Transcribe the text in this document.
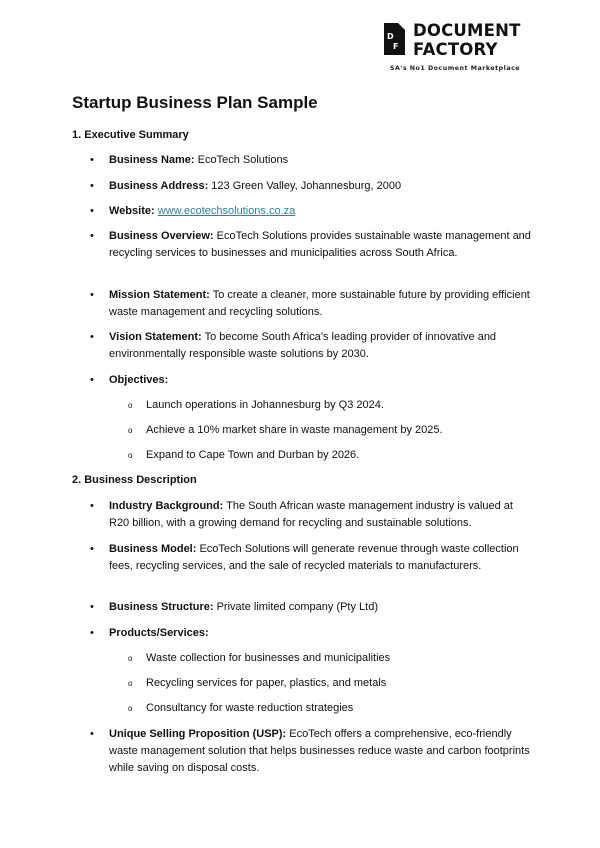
D
F
DOCUMENT
FACTORY
SA's No1 Document Marketplace
Startup Business Plan Sample
1. Executive Summary
• Business Name: EcoTech Solutions
• Business Address: 123 Green Valley, Johannesburg, 2000
• Website: www.ecotechsolutions.co.za
• Business Overview: EcoTech Solutions provides sustainable waste management and recycling services to businesses and municipalities across South Africa.
• Mission Statement: To create a cleaner, more sustainable future by providing efficient waste management and recycling solutions.
• Vision Statement: To become South Africa’s leading provider of innovative and environmentally responsible waste solutions by 2030.
• Objectives:
o Launch operations in Johannesburg by Q3 2024.
o Achieve a 10% market share in waste management by 2025.
o Expand to Cape Town and Durban by 2026.
2. Business Description
• Industry Background: The South African waste management industry is valued at R20 billion, with a growing demand for recycling and sustainable solutions.
• Business Model: EcoTech Solutions will generate revenue through waste collection fees, recycling services, and the sale of recycled materials to manufacturers.
• Business Structure: Private limited company (Pty Ltd)
• Products/Services:
o Waste collection for businesses and municipalities
o Recycling services for paper, plastics, and metals
o Consultancy for waste reduction strategies
• Unique Selling Proposition (USP): EcoTech offers a comprehensive, eco-friendly waste management solution that helps businesses reduce waste and carbon footprints while saving on disposal costs.
